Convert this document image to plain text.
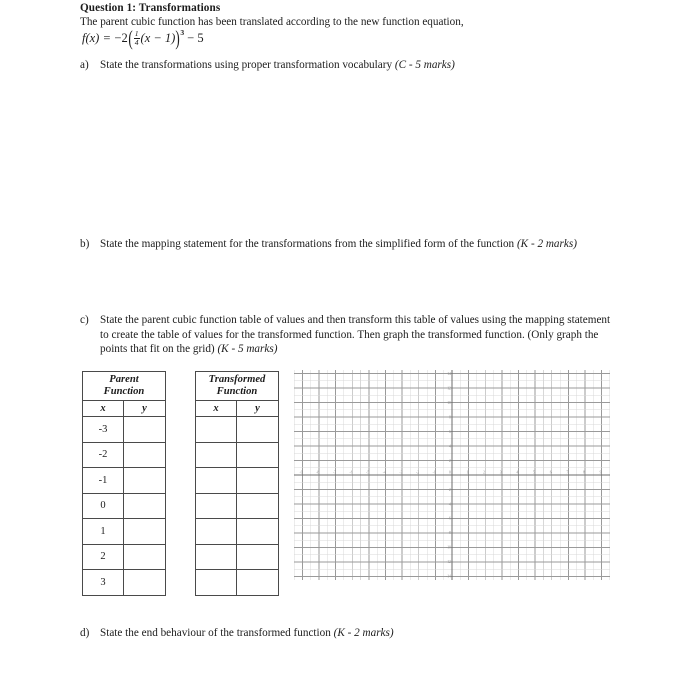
Question 1: Transformations
The parent cubic function has been translated according to the new function equation,
f(x) = −2 ( $\frac{1}{4} (x - 1)$ ) 3 − 5
a)	State the transformations using proper transformation vocabulary (C - 5 marks)
b) State the mapping statement for the transformations from the simplified form of the function (K - 2 marks)
c)	State the parent cubic function table of values and then transform this table of values using the mapping statement to create the table of values for the transformed function. Then graph the transformed function. (Only graph the points that fit on the grid) (K - 5 marks)
Parent
Function	

x	y
-3	
-2	
-1	
0	
1	
2	
3	
Transformed
Function	

x	y

-9	-8	-7	-6	-5	-4	-3	-2	-1	1	2	3	4	5	6	7	8	9
14
12
10
8
6
4
2
-2
-4
-6
-8
-10
-12
-14
0
d) State the end behaviour of the transformed function (K - 2 marks)
